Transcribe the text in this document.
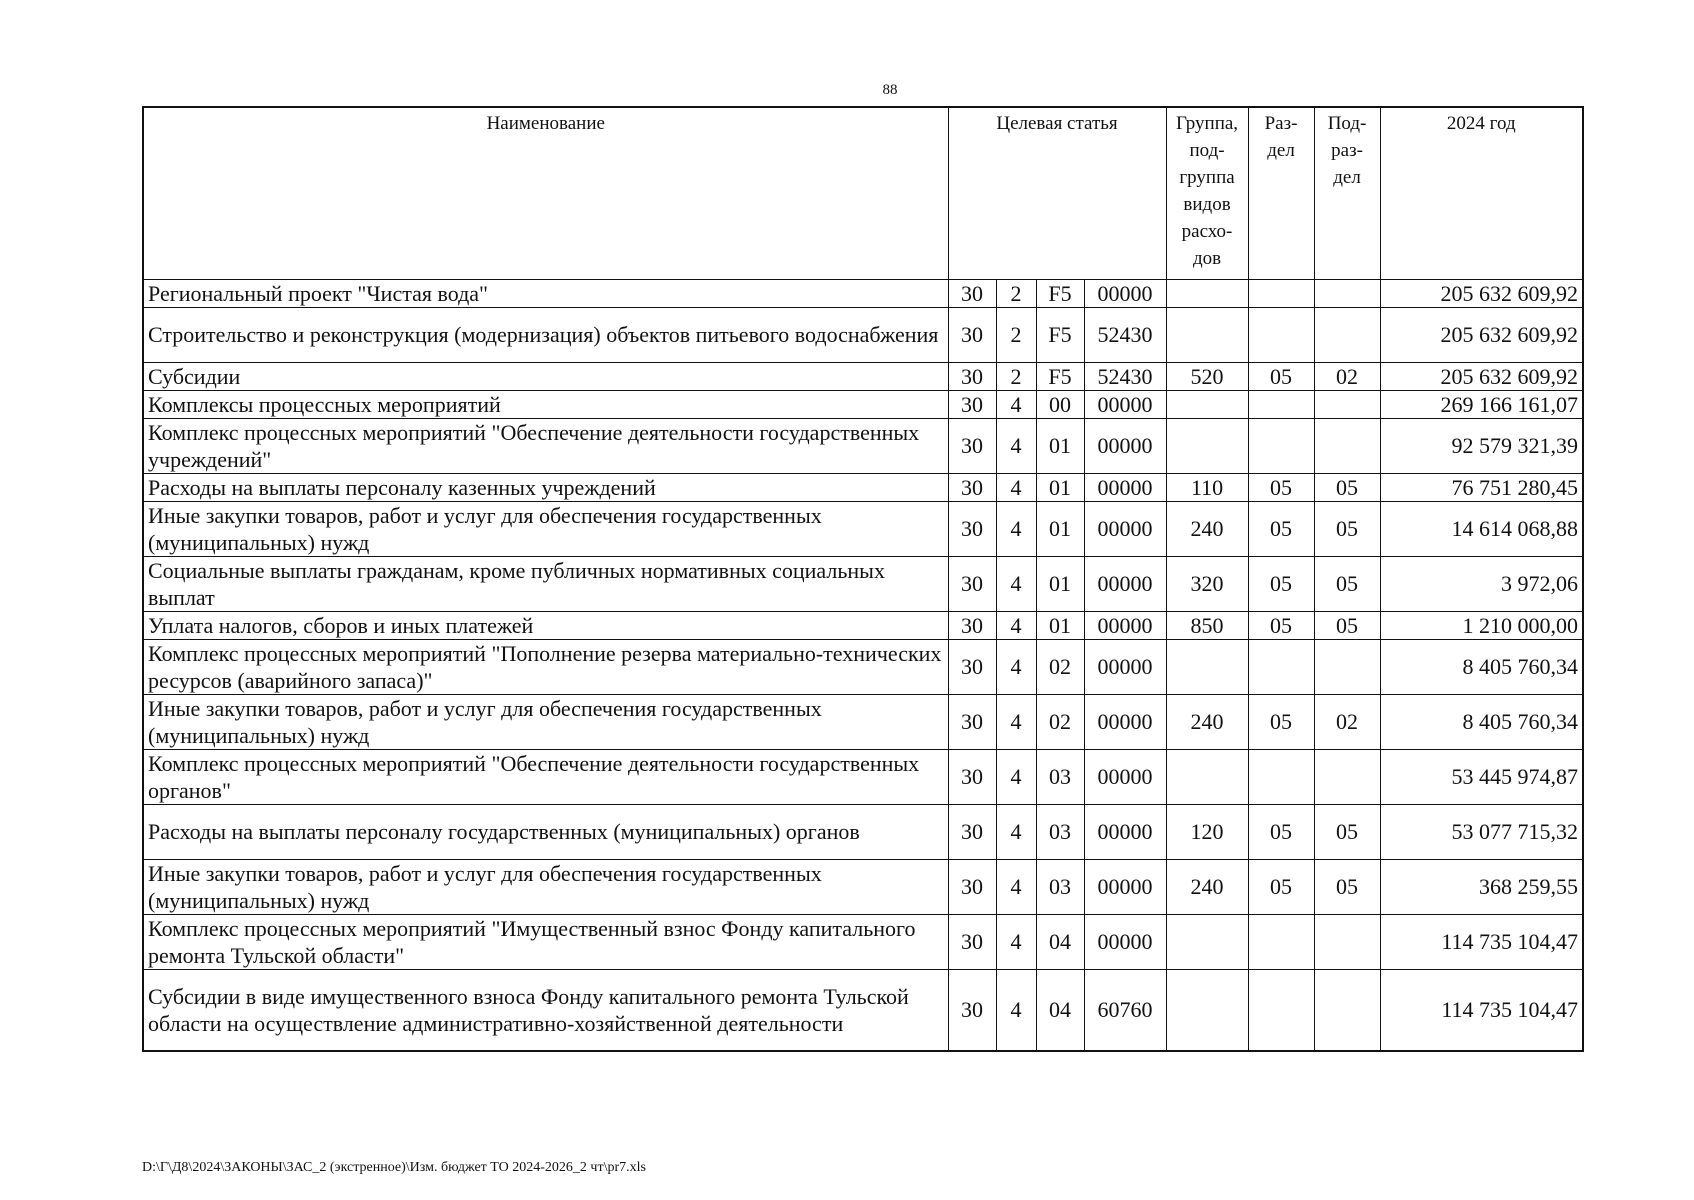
88
Наименование	Целевая статья				Группа, под-группа видов расхо-дов	Раз-дел	Под-раз-дел	2024 год
Региональный проект "Чистая вода"	30	2	F5	00000				205 632 609,92
Строительство и реконструкция (модернизация) объектов питьевого водоснабжения	30	2	F5	52430				205 632 609,92
Субсидии	30	2	F5	52430	520	05	02	205 632 609,92
Комплексы процессных мероприятий	30	4	00	00000				269 166 161,07
Комплекс процессных мероприятий "Обеспечение деятельности государственных учреждений"	30	4	01	00000				92 579 321,39
Расходы на выплаты персоналу казенных учреждений	30	4	01	00000	110	05	05	76 751 280,45
Иные закупки товаров, работ и услуг для обеспечения государственных (муниципальных) нужд	30	4	01	00000	240	05	05	14 614 068,88
Социальные выплаты гражданам, кроме публичных нормативных социальных выплат	30	4	01	00000	320	05	05	3 972,06
Уплата налогов, сборов и иных платежей	30	4	01	00000	850	05	05	1 210 000,00
Комплекс процессных мероприятий "Пополнение резерва материально-технических ресурсов (аварийного запаса)"	30	4	02	00000				8 405 760,34
Иные закупки товаров, работ и услуг для обеспечения государственных (муниципальных) нужд	30	4	02	00000	240	05	02	8 405 760,34
Комплекс процессных мероприятий "Обеспечение деятельности государственных органов"	30	4	03	00000				53 445 974,87
Расходы на выплаты персоналу государственных (муниципальных) органов	30	4	03	00000	120	05	05	53 077 715,32
Иные закупки товаров, работ и услуг для обеспечения государственных (муниципальных) нужд	30	4	03	00000	240	05	05	368 259,55
Комплекс процессных мероприятий "Имущественный взнос Фонду капитального ремонта Тульской области"	30	4	04	00000				114 735 104,47
Субсидии в виде имущественного взноса Фонду капитального ремонта Тульской области на осуществление административно-хозяйственной деятельности	30	4	04	60760				114 735 104,47
D:\Г\Д8\2024\ЗАКОНЫ\ЗАС_2 (экстренное)\Изм. бюджет ТО 2024-2026_2 чт\pr7.xls
